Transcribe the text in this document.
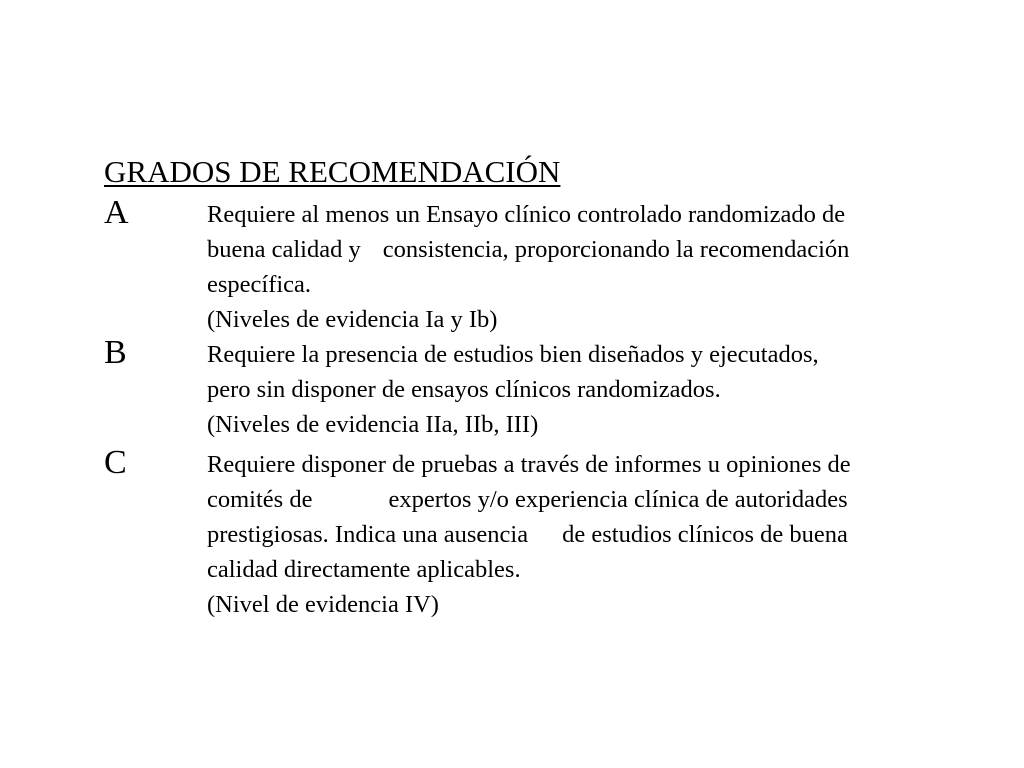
GRADOS DE RECOMENDACIÓN
A	Requiere al menos un Ensayo clínico controlado randomizado de
buena calidad y consistencia, proporcionando la recomendación
específica.
(Niveles de evidencia Ia y Ib)
B	Requiere la presencia de estudios bien diseñados y ejecutados,
pero sin disponer de ensayos clínicos randomizados.
(Niveles de evidencia IIa, IIb, III)
C	Requiere disponer de pruebas a través de informes u opiniones de
comités de	expertos y/o experiencia clínica de autoridades
prestigiosas. Indica una ausencia de estudios clínicos de buena
calidad directamente aplicables.
(Nivel de evidencia IV)
